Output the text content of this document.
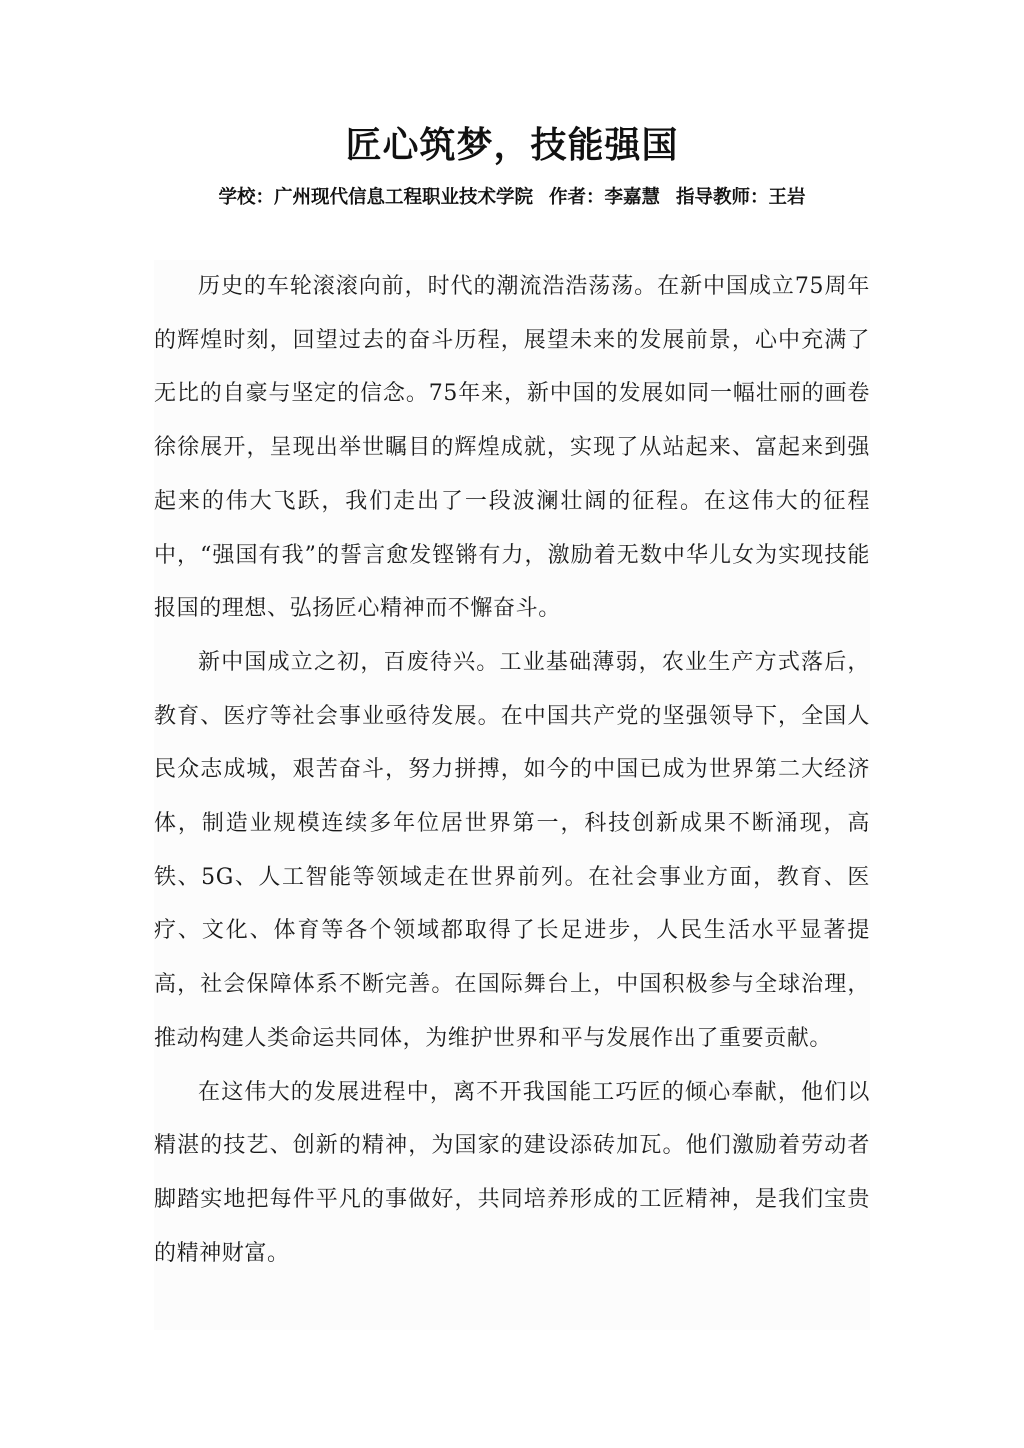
匠心筑梦，技能强国
学校：广州现代信息工程职业技术学院 作者：李嘉慧 指导教师：王岩

历史的车轮滚滚向前，时代的潮流浩浩荡荡。在新中国成立75周年的辉煌时刻，回望过去的奋斗历程，展望未来的发展前景，心中充满了无比的自豪与坚定的信念。75年来，新中国的发展如同一幅壮丽的画卷徐徐展开，呈现出举世瞩目的辉煌成就，实现了从站起来、富起来到强起来的伟大飞跃，我们走出了一段波澜壮阔的征程。在这伟大的征程中，“强国有我”的誓言愈发铿锵有力，激励着无数中华儿女为实现技能报国的理想、弘扬匠心精神而不懈奋斗。

新中国成立之初，百废待兴。工业基础薄弱，农业生产方式落后，教育、医疗等社会事业亟待发展。在中国共产党的坚强领导下，全国人民众志成城，艰苦奋斗，努力拼搏，如今的中国已成为世界第二大经济体，制造业规模连续多年位居世界第一，科技创新成果不断涌现，高铁、5G、人工智能等领域走在世界前列。在社会事业方面，教育、医疗、文化、体育等各个领域都取得了长足进步，人民生活水平显著提高，社会保障体系不断完善。在国际舞台上，中国积极参与全球治理，推动构建人类命运共同体，为维护世界和平与发展作出了重要贡献。

在这伟大的发展进程中，离不开我国能工巧匠的倾心奉献，他们以精湛的技艺、创新的精神，为国家的建设添砖加瓦。他们激励着劳动者脚踏实地把每件平凡的事做好，共同培养形成的工匠精神，是我们宝贵的精神财富。
